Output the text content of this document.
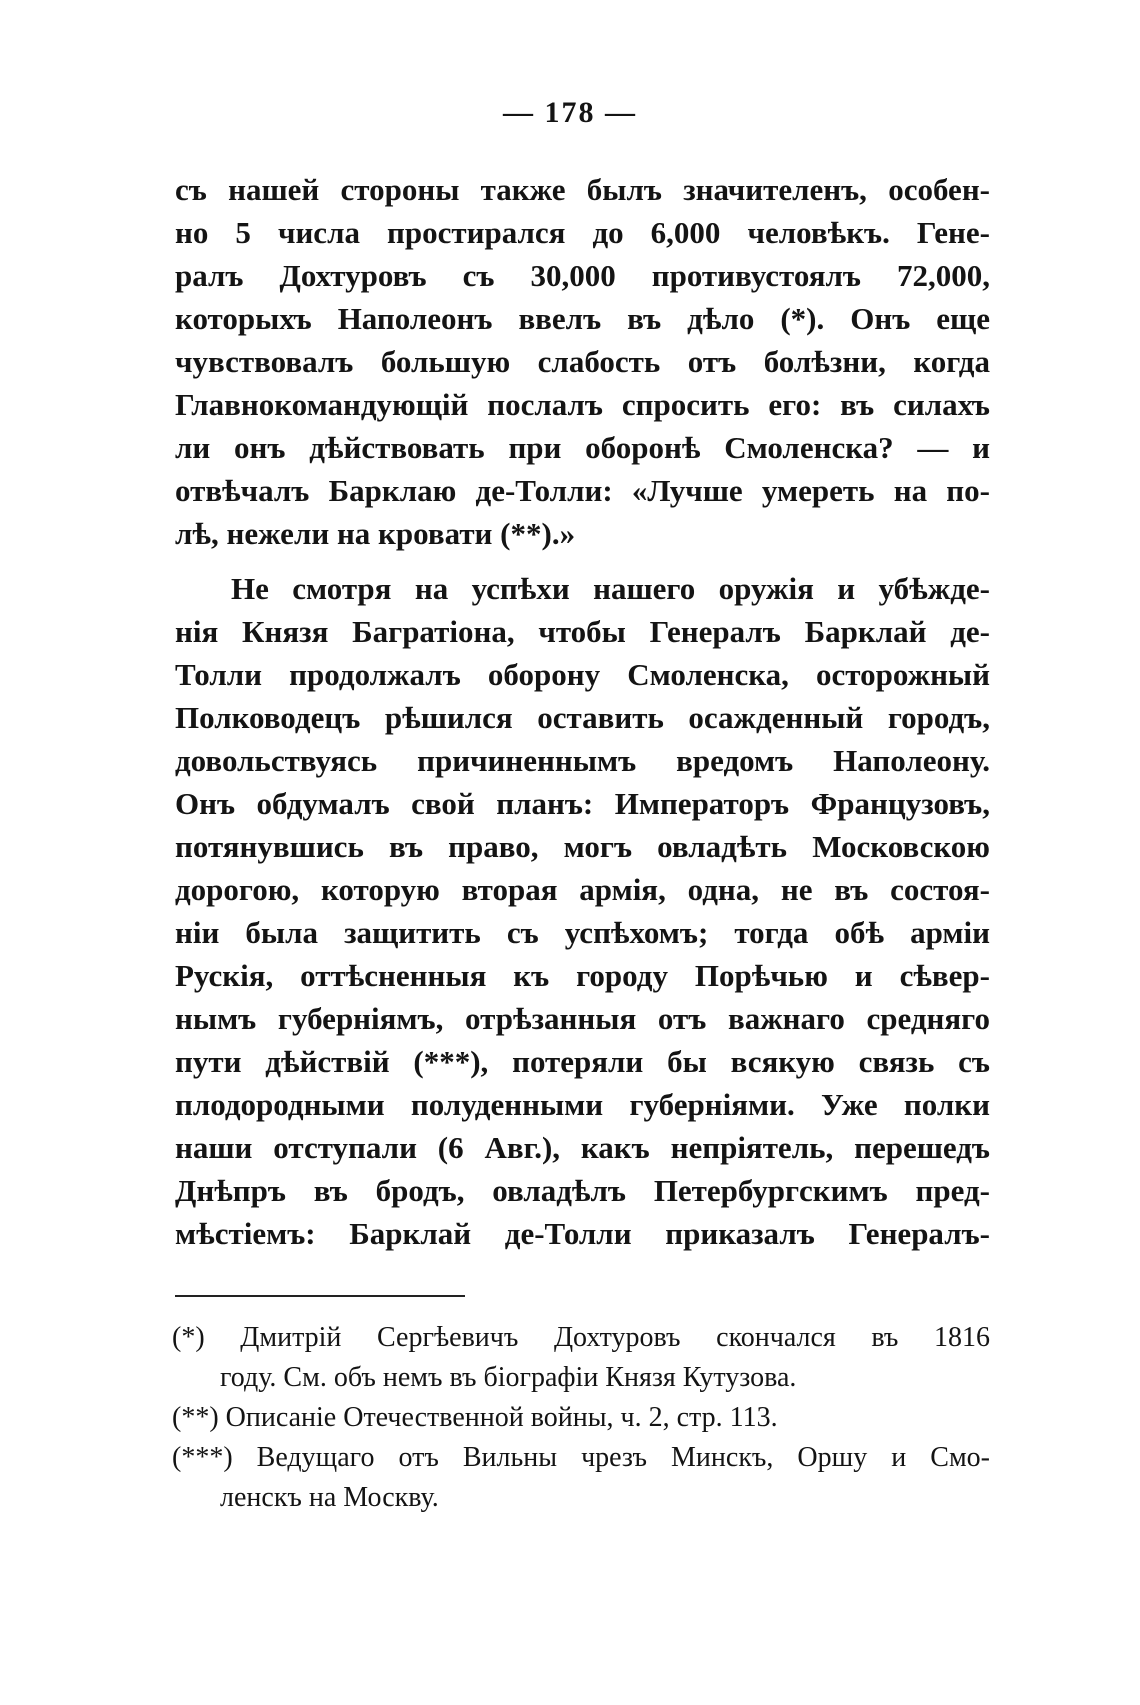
— 178 —
съ нашей стороны также былъ значителенъ, особен-
но 5 числа простирался до 6,000 человѣкъ. Гене-
ралъ Дохтуровъ съ 30,000 противустоялъ 72,000,
которыхъ Наполеонъ ввелъ въ дѣло (*). Онъ еще
чувствовалъ большую слабость отъ болѣзни, когда
Главнокомандующій послалъ спросить его: въ силахъ
ли онъ дѣйствовать при оборонѣ Смоленска? — и
отвѣчалъ Барклаю де-Толли: «Лучше умереть на по-
лѣ, нежели на кровати (**).»
Не смотря на успѣхи нашего оружія и убѣжде-
нія Князя Багратіона, чтобы Генералъ Барклай де-
Толли продолжалъ оборону Смоленска, осторожный
Полководецъ рѣшился оставить осажденный городъ,
довольствуясь причиненнымъ вредомъ Наполеону.
Онъ обдумалъ свой планъ: Императоръ Французовъ,
потянувшись въ право, могъ овладѣть Московскою
дорогою, которую вторая армія, одна, не въ состоя-
ніи была защитить съ успѣхомъ; тогда обѣ арміи
Рускія, оттѣсненныя къ городу Порѣчью и сѣвер-
нымъ губерніямъ, отрѣзанныя отъ важнаго средняго
пути дѣйствій (***), потеряли бы всякую связь съ
плодородными полуденными губерніями. Уже полки
наши отступали (6 Авг.), какъ непріятель, перешедъ
Днѣпръ въ бродъ, овладѣлъ Петербургскимъ пред-
мѣстіемъ: Барклай де-Толли приказалъ Генералъ-
(*) Дмитрій Сергѣевичъ Дохтуровъ скончался въ 1816
году. См. объ немъ въ біографіи Князя Кутузова.
(**) Описаніе Отечественной войны, ч. 2, стр. 113.
(***) Ведущаго отъ Вильны чрезъ Минскъ, Оршу и Смо-
ленскъ на Москву.
